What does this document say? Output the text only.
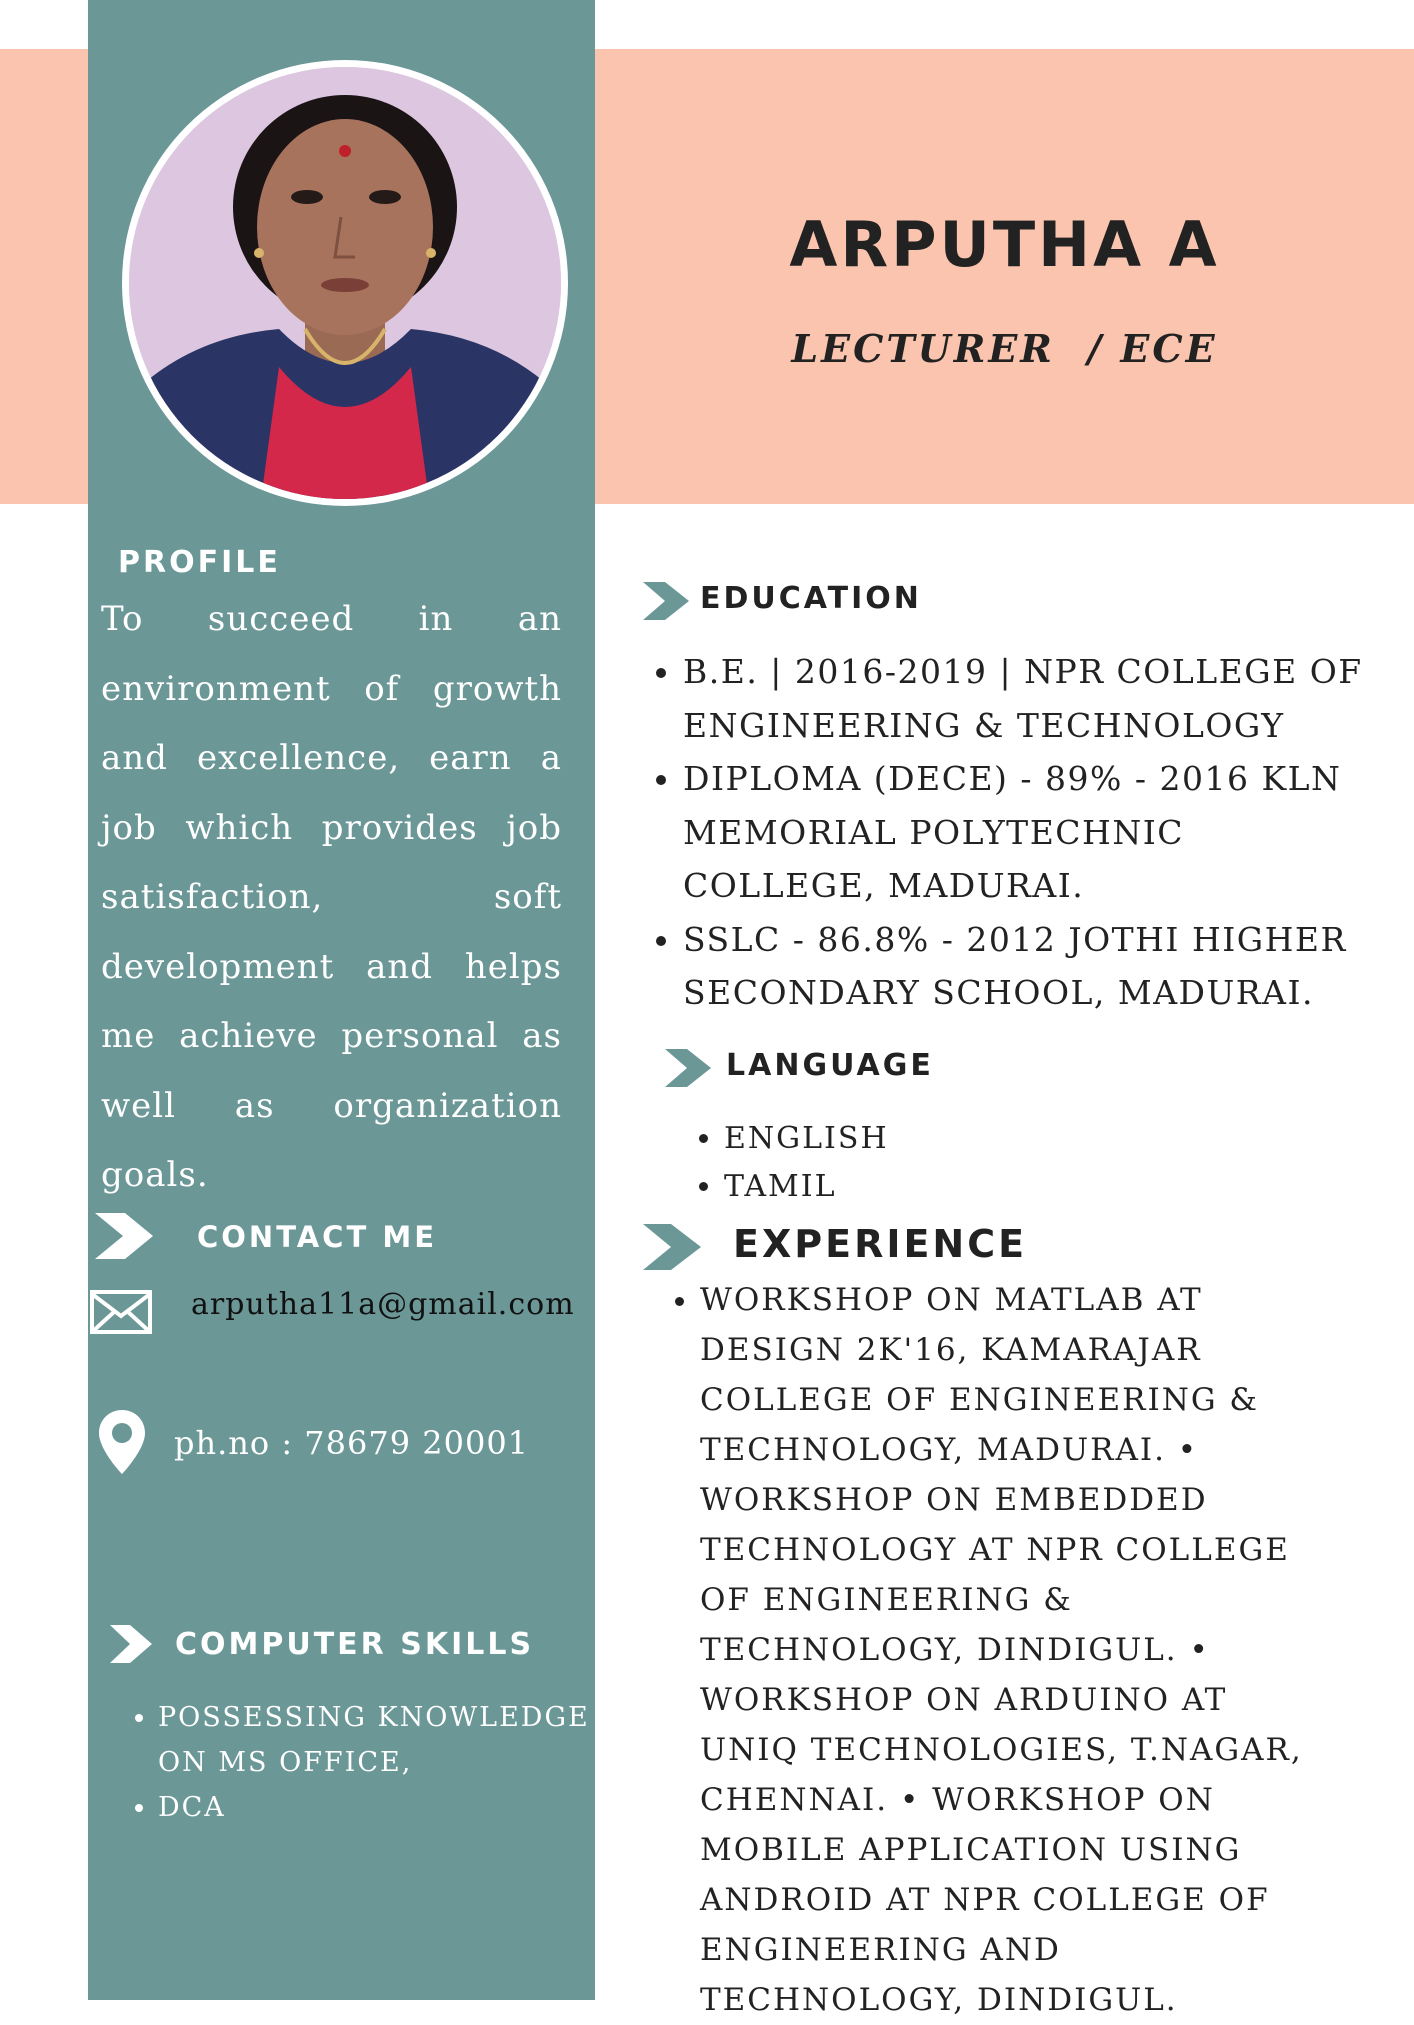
ARPUTHA A
LECTURER  / ECE
PROFILE
To succeed in an environment of growth and excellence, earn a job which provides job satisfaction, soft development and helps me achieve personal as well as organization goals.
CONTACT ME
arputha11a@gmail.com
ph.no : 78679 20001
COMPUTER SKILLS
• POSSESSING KNOWLEDGE ON MS OFFICE,
• DCA
EDUCATION
• B.E. | 2016-2019 | NPR COLLEGE OF ENGINEERING & TECHNOLOGY
• DIPLOMA (DECE) - 89% - 2016 KLN MEMORIAL POLYTECHNIC COLLEGE, MADURAI.
• SSLC - 86.8% - 2012 JOTHI HIGHER SECONDARY SCHOOL, MADURAI.
LANGUAGE
• ENGLISH
• TAMIL
EXPERIENCE
• WORKSHOP ON MATLAB AT DESIGN 2K'16, KAMARAJAR COLLEGE OF ENGINEERING & TECHNOLOGY, MADURAI. • WORKSHOP ON EMBEDDED TECHNOLOGY AT NPR COLLEGE OF ENGINEERING & TECHNOLOGY, DINDIGUL. • WORKSHOP ON ARDUINO AT UNIQ TECHNOLOGIES, T.NAGAR, CHENNAI. • WORKSHOP ON MOBILE APPLICATION USING ANDROID AT NPR COLLEGE OF ENGINEERING AND TECHNOLOGY, DINDIGUL.
